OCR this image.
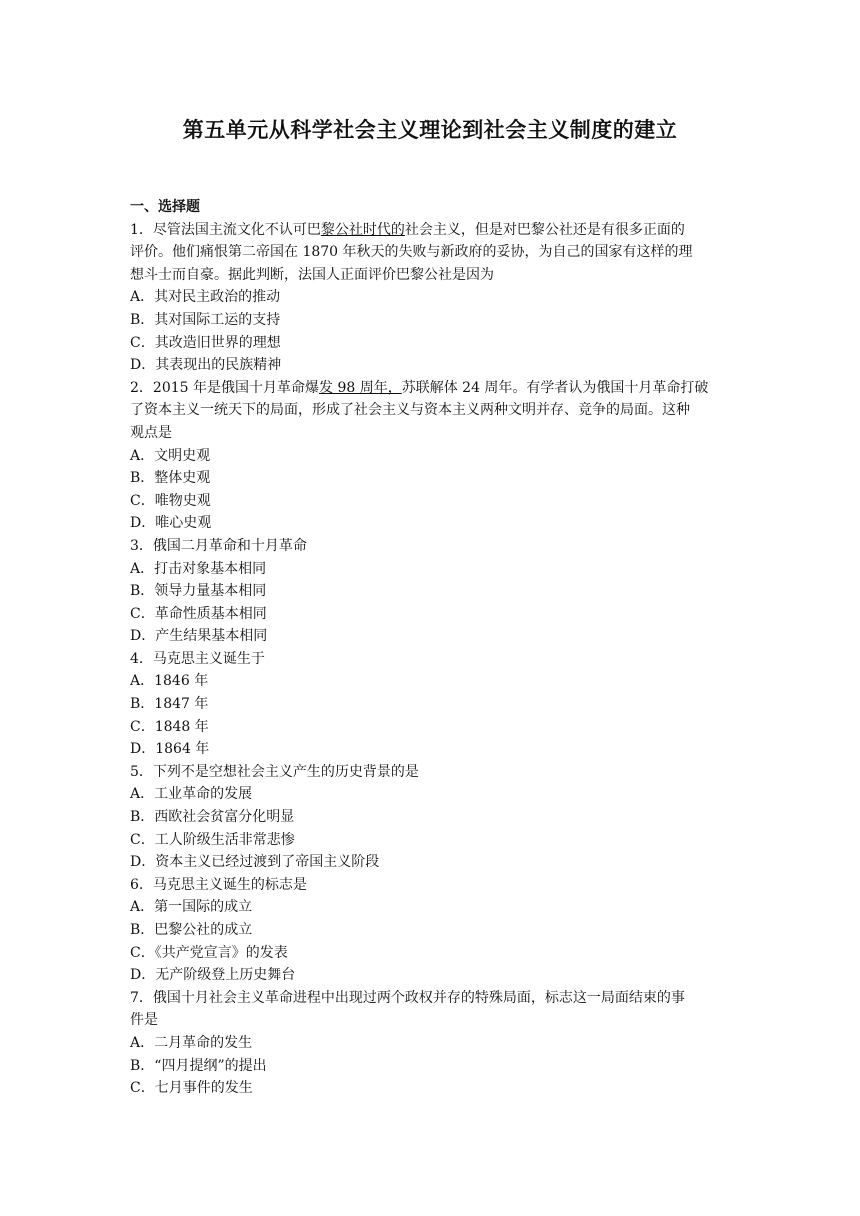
第五单元从科学社会主义理论到社会主义制度的建立

一、选择题

1．尽管法国主流文化不认可巴黎公社时代的社会主义，但是对巴黎公社还是有很多正面的

评价。他们痛恨第二帝国在 1870 年秋天的失败与新政府的妥协，为自己的国家有这样的理

想斗士而自豪。据此判断，法国人正面评价巴黎公社是因为

A．其对民主政治的推动

B．其对国际工运的支持

C．其改造旧世界的理想

D．其表现出的民族精神

2．2015 年是俄国十月革命爆发 98 周年，苏联解体 24 周年。有学者认为俄国十月革命打破

了资本主义一统天下的局面，形成了社会主义与资本主义两种文明并存、竞争的局面。这种

观点是

A．文明史观

B．整体史观

C．唯物史观

D．唯心史观

3．俄国二月革命和十月革命

A．打击对象基本相同

B．领导力量基本相同

C．革命性质基本相同

D．产生结果基本相同

4．马克思主义诞生于

A．1846 年

B．1847 年

C．1848 年

D．1864 年

5．下列不是空想社会主义产生的历史背景的是

A．工业革命的发展

B．西欧社会贫富分化明显

C．工人阶级生活非常悲惨

D．资本主义已经过渡到了帝国主义阶段

6．马克思主义诞生的标志是

A．第一国际的成立

B．巴黎公社的成立

C．《共产党宣言》的发表

D．无产阶级登上历史舞台

7．俄国十月社会主义革命进程中出现过两个政权并存的特殊局面，标志这一局面结束的事

件是

A．二月革命的发生

B．“四月提纲”的提出

C．七月事件的发生
